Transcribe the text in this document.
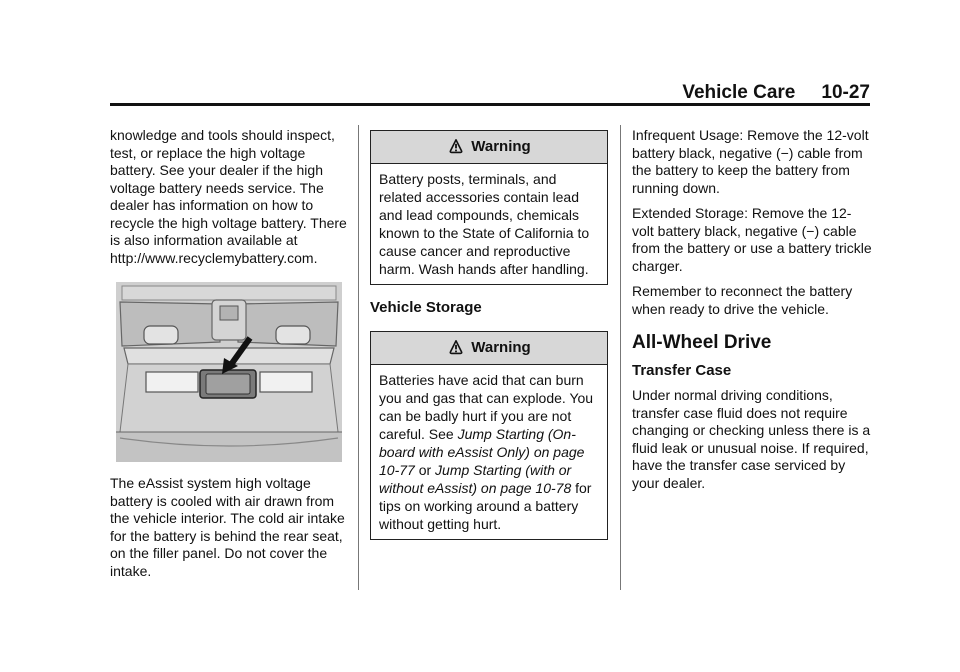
Vehicle Care 10-27

knowledge and tools should inspect, test, or replace the high voltage battery. See your dealer if the high voltage battery needs service. The dealer has information on how to recycle the high voltage battery. There is also information available at http://www.recyclemybattery.com.

The eAssist system high voltage battery is cooled with air drawn from the vehicle interior. The cold air intake for the battery is behind the rear seat, on the filler panel. Do not cover the intake.

Warning
Battery posts, terminals, and related accessories contain lead and lead compounds, chemicals known to the State of California to cause cancer and reproductive harm. Wash hands after handling.
Vehicle Storage
Warning
Batteries have acid that can burn you and gas that can explode. You can be badly hurt if you are not careful. See Jump Starting (On-board with eAssist Only) on page 10-77 or Jump Starting (with or without eAssist) on page 10-78 for tips on working around a battery without getting hurt.

Infrequent Usage: Remove the 12-volt battery black, negative (−) cable from the battery to keep the battery from running down.

Extended Storage: Remove the 12-volt battery black, negative (−) cable from the battery or use a battery trickle charger.

Remember to reconnect the battery when ready to drive the vehicle.

All-Wheel Drive
Transfer Case

Under normal driving conditions, transfer case fluid does not require changing or checking unless there is a fluid leak or unusual noise. If required, have the transfer case serviced by your dealer.
